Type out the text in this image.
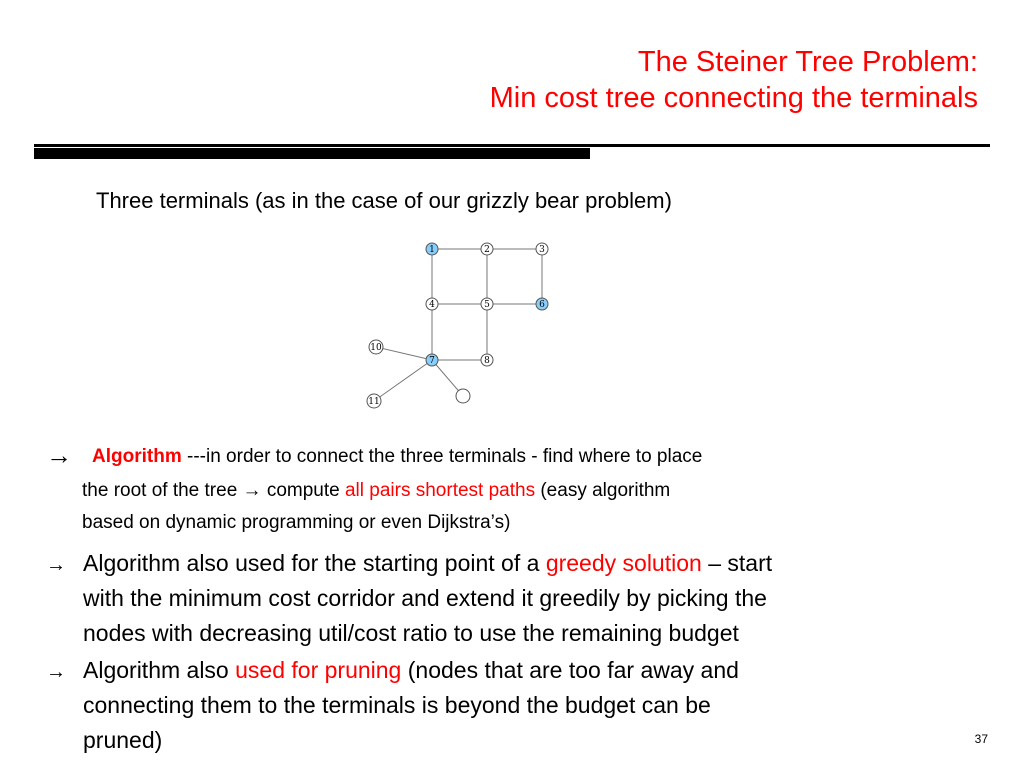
The Steiner Tree Problem:
Min cost tree connecting the terminals
Three terminals (as in the case of our grizzly bear problem)
1	2	3
4	5	6
7	8
10
11
→ Algorithm ---in order to connect the three terminals - find where to place
the root of the tree → compute all pairs shortest paths (easy algorithm
based on dynamic programming or even Dijkstra’s)
→ Algorithm also used for the starting point of a greedy solution – start
with the minimum cost corridor and extend it greedily by picking the
nodes with decreasing util/cost ratio to use the remaining budget
→ Algorithm also used for pruning (nodes that are too far away and
connecting them to the terminals is beyond the budget can be
pruned)	37
